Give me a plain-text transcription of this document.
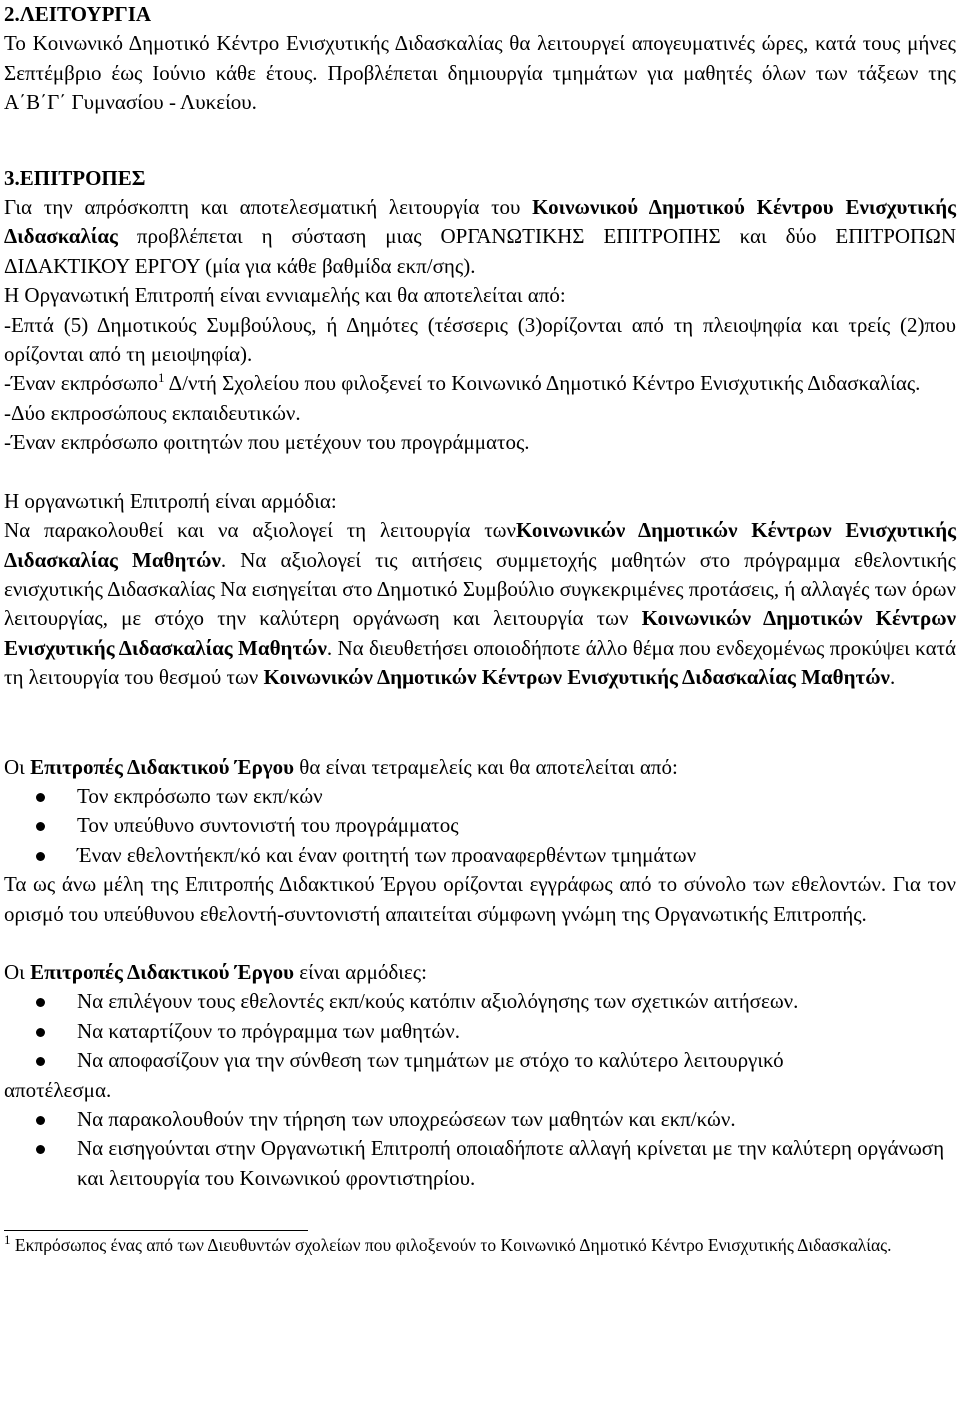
2.ΛΕΙΤΟΥΡΓΙΑ

Το Κοινωνικό Δημοτικό Κέντρο Ενισχυτικής Διδασκαλίας θα λειτουργεί απογευματινές ώρες, κατά τους μήνες Σεπτέμβριο έως Ιούνιο κάθε έτους. Προβλέπεται δημιουργία τμημάτων για μαθητές όλων των τάξεων της Α΄Β΄Γ΄ Γυμνασίου - Λυκείου.

3.ΕΠΙΤΡΟΠΕΣ

Για την απρόσκοπτη και αποτελεσματική λειτουργία του Κοινωνικού Δημοτικού Κέντρου Ενισχυτικής Διδασκαλίας προβλέπεται η σύσταση μιας ΟΡΓΑΝΩΤΙΚΗΣ ΕΠΙΤΡΟΠΗΣ και δύο ΕΠΙΤΡΟΠΩΝ ΔΙΔΑΚΤΙΚΟΥ ΕΡΓΟΥ (μία για κάθε βαθμίδα εκπ/σης).

Η Οργανωτική Επιτροπή είναι εννιαμελής και θα αποτελείται από:

-Επτά (5) Δημοτικούς Συμβούλους, ή Δημότες (τέσσερις (3)ορίζονται από τη πλειοψηφία και τρείς (2)που ορίζονται από τη μειοψηφία).

-Έναν εκπρόσωπο$^1$ Δ/ντή Σχολείου που φιλοξενεί το Κοινωνικό Δημοτικό Κέντρο Ενισχυτικής Διδασκαλίας.

-Δύο εκπροσώπους εκπαιδευτικών.

-Έναν εκπρόσωπο φοιτητών που μετέχουν του προγράμματος.

Η οργανωτική Επιτροπή είναι αρμόδια:

Να παρακολουθεί και να αξιολογεί τη λειτουργία τωνΚοινωνικών Δημοτικών Κέντρων Ενισχυτικής Διδασκαλίας Μαθητών. Να αξιολογεί τις αιτήσεις συμμετοχής μαθητών στο πρόγραμμα εθελοντικής ενισχυτικής Διδασκαλίας Να εισηγείται στο Δημοτικό Συμβούλιο συγκεκριμένες προτάσεις, ή αλλαγές των όρων λειτουργίας, με στόχο την καλύτερη οργάνωση και λειτουργία των Κοινωνικών Δημοτικών Κέντρων Ενισχυτικής Διδασκαλίας Μαθητών. Να διευθετήσει οποιοδήποτε άλλο θέμα που ενδεχομένως προκύψει κατά τη λειτουργία του θεσμού των Κοινωνικών Δημοτικών Κέντρων Ενισχυτικής Διδασκαλίας Μαθητών.

Οι Επιτροπές Διδακτικού Έργου θα είναι τετραμελείς και θα αποτελείται από:

Τον εκπρόσωπο των εκπ/κών
Τον υπεύθυνο συντονιστή του προγράμματος
Έναν εθελοντήεκπ/κό και έναν φοιτητή των προαναφερθέντων τμημάτων

Τα ως άνω μέλη της Επιτροπής Διδακτικού Έργου ορίζονται εγγράφως από το σύνολο των εθελοντών. Για τον ορισμό του υπεύθυνου εθελοντή-συντονιστή απαιτείται σύμφωνη γνώμη της Οργανωτικής Επιτροπής.

Οι Επιτροπές Διδακτικού Έργου είναι αρμόδιες:

Να επιλέγουν τους εθελοντές εκπ/κούς κατόπιν αξιολόγησης των σχετικών αιτήσεων.
Να καταρτίζουν το πρόγραμμα των μαθητών.
Να αποφασίζουν για την σύνθεση των τμημάτων με στόχο το καλύτερο λειτουργικό

αποτέλεσμα.

Να παρακολουθούν την τήρηση των υποχρεώσεων των μαθητών και εκπ/κών.
Να εισηγούνται στην Οργανωτική Επιτροπή οποιαδήποτε αλλαγή κρίνεται με την καλύτερη οργάνωση και λειτουργία του Κοινωνικού φροντιστηρίου.

$^1$ Εκπρόσωπος ένας από των Διευθυντών σχολείων που φιλοξενούν το Κοινωνικό Δημοτικό Κέντρο Ενισχυτικής Διδασκαλίας.
